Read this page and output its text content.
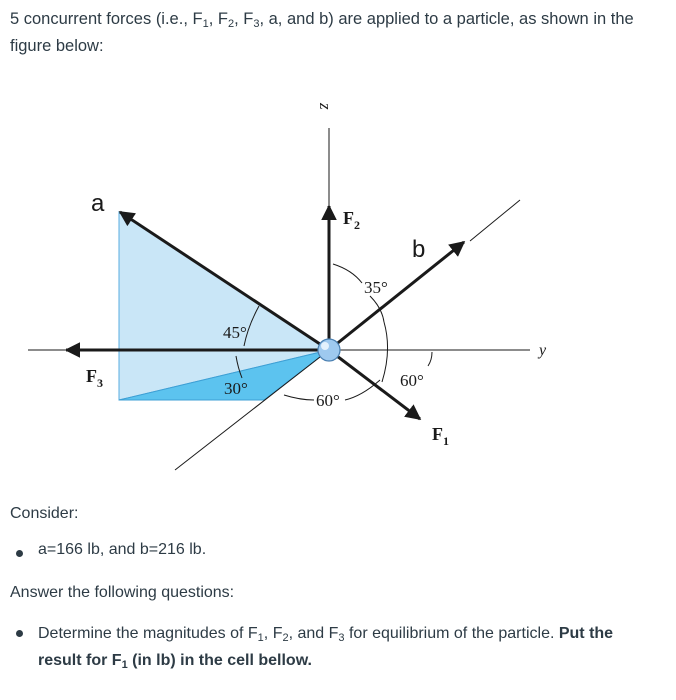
5 concurrent forces (i.e., $F_1$, $F_2$, $F_3$, a, and b) are applied to a particle, as shown in the figure below:

z
y
a
b
$F_2$
$F_3$
$F_1$
45°
30°
60°
35°
60°

Consider:

a=166 lb, and b=216 lb.

Answer the following questions:

Determine the magnitudes of $F_1$, $F_2$, and $F_3$ for equilibrium of the particle. Put the result for $F_1$ (in lb) in the cell bellow.
